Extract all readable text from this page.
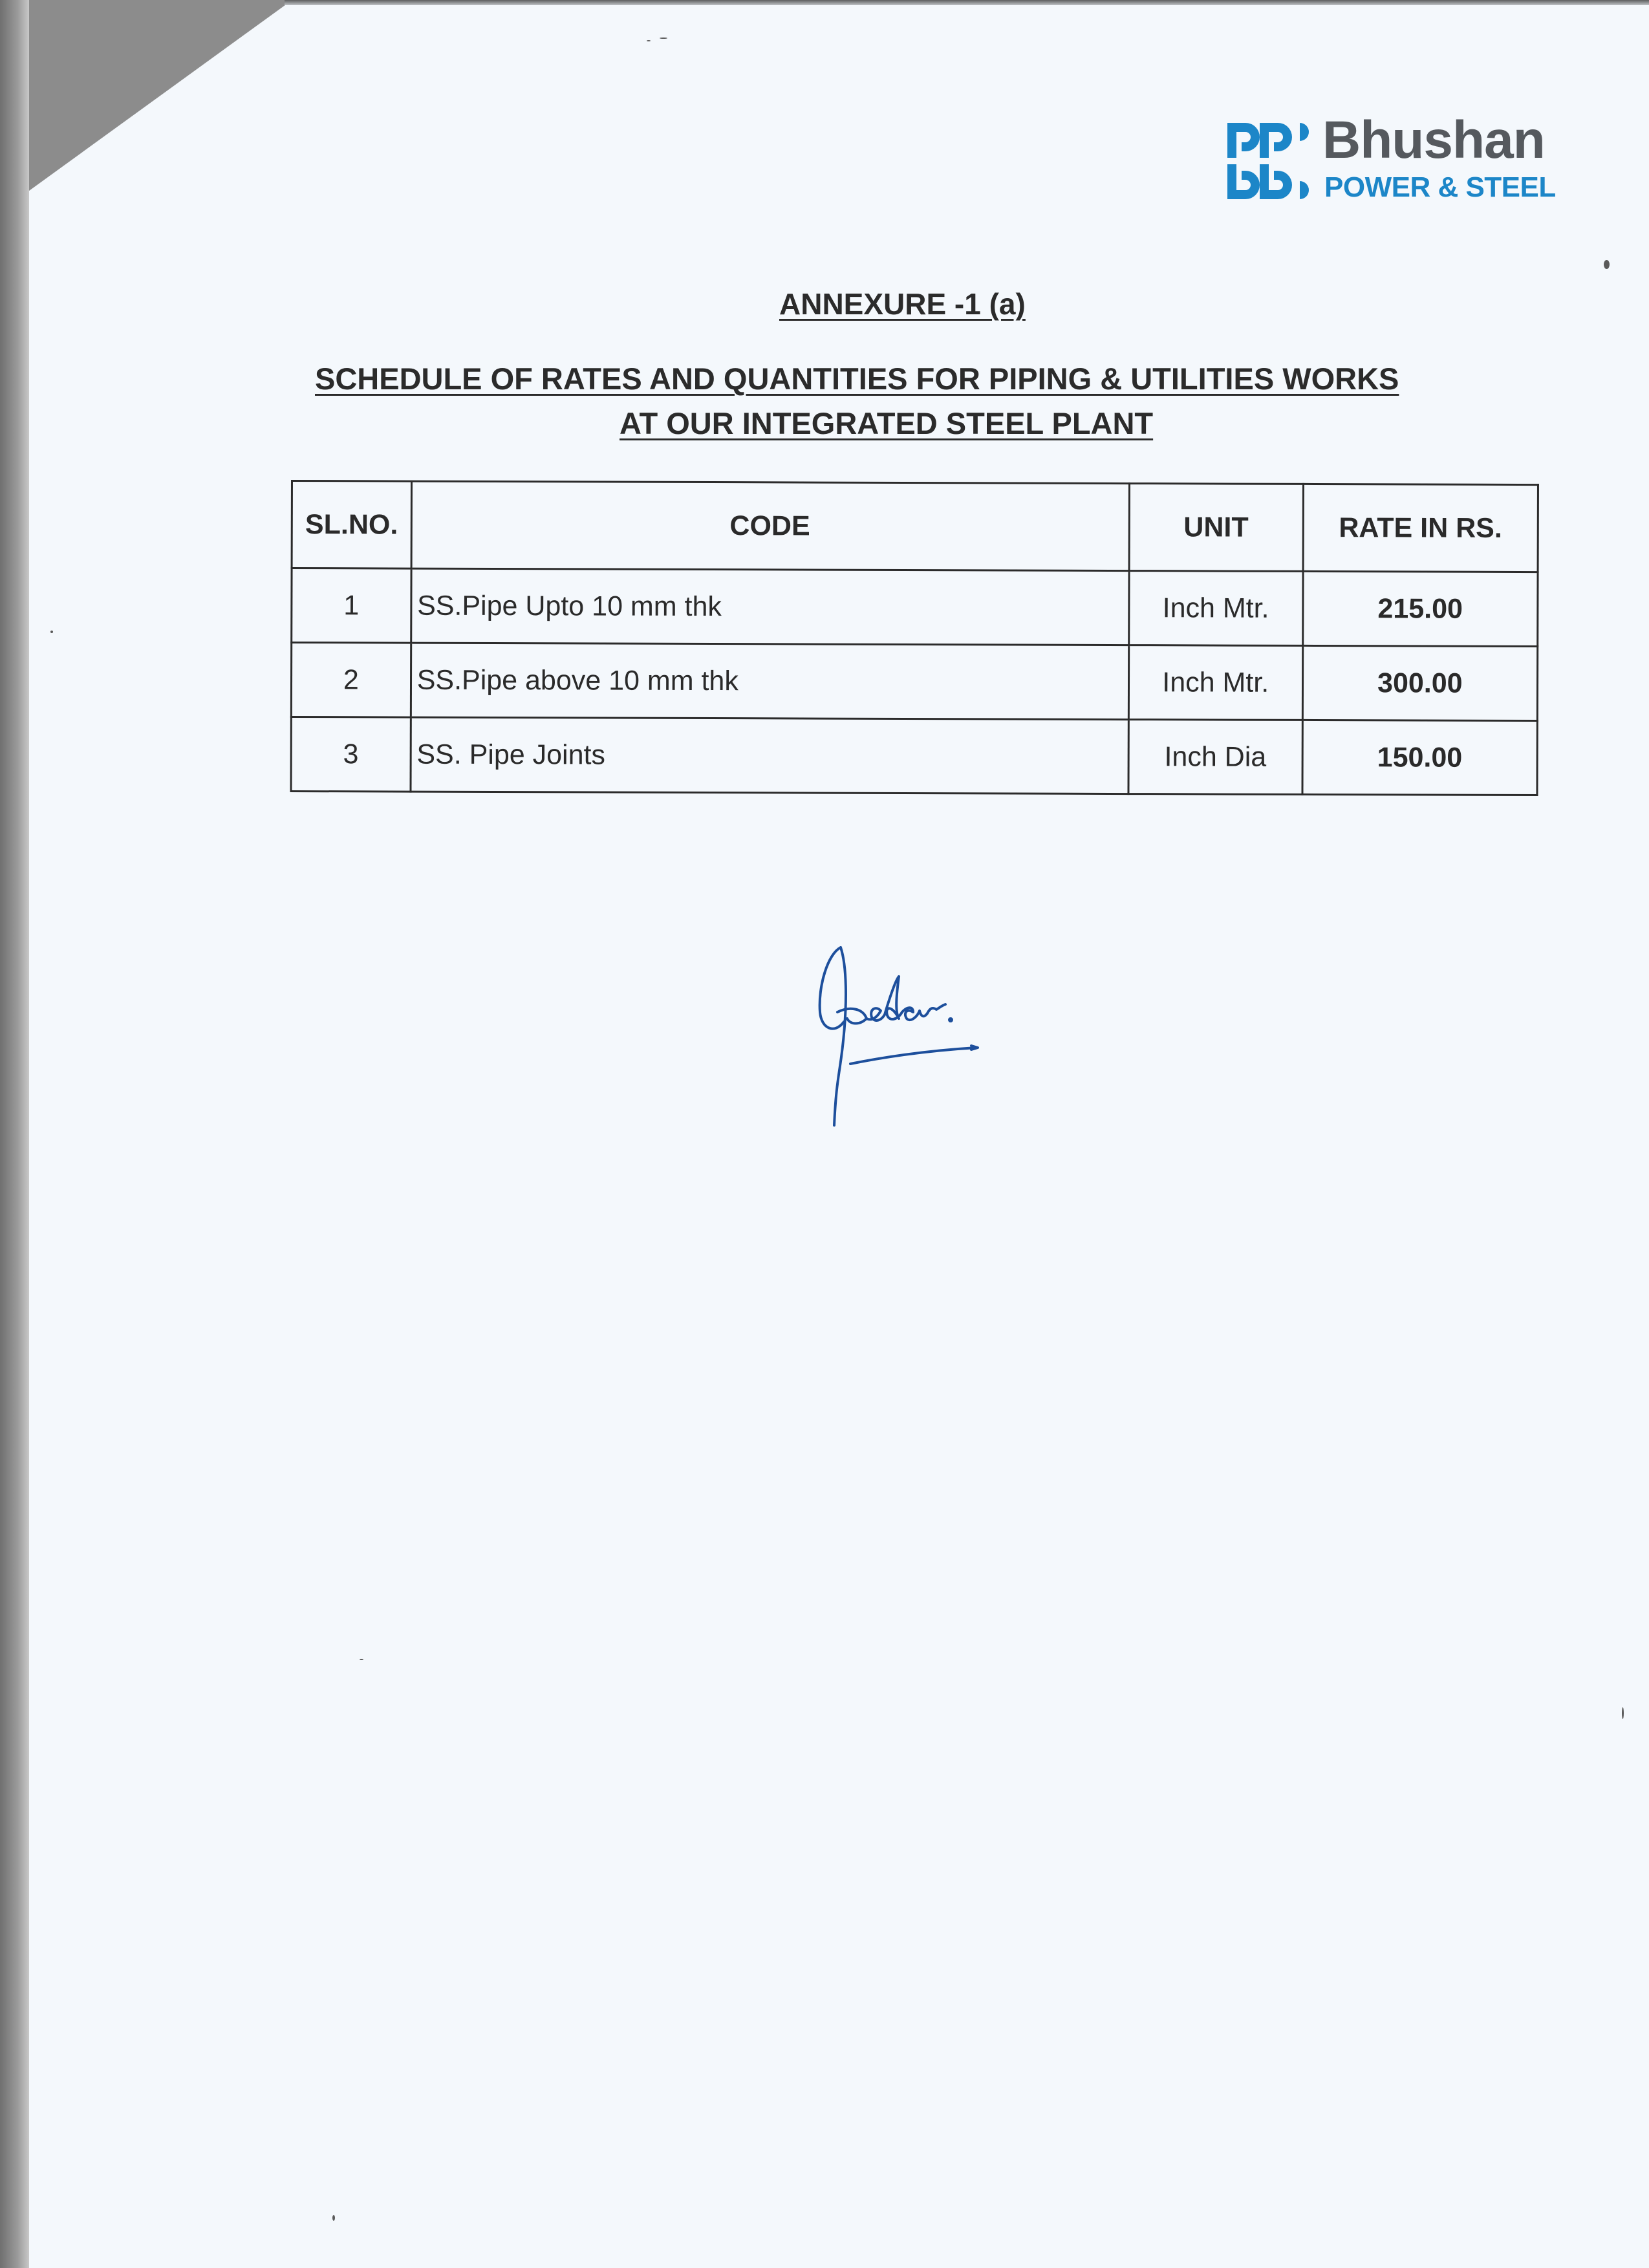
Bhushan
POWER & STEEL
ANNEXURE -1 (a)
SCHEDULE OF RATES AND QUANTITIES FOR PIPING & UTILITIES WORKS
AT OUR INTEGRATED STEEL PLANT
SL.NO.	CODE	UNIT	RATE IN RS.
1	SS.Pipe Upto 10 mm thk	Inch Mtr.	215.00
2	SS.Pipe above 10 mm thk	Inch Mtr.	300.00
3	SS. Pipe Joints	Inch Dia	150.00
